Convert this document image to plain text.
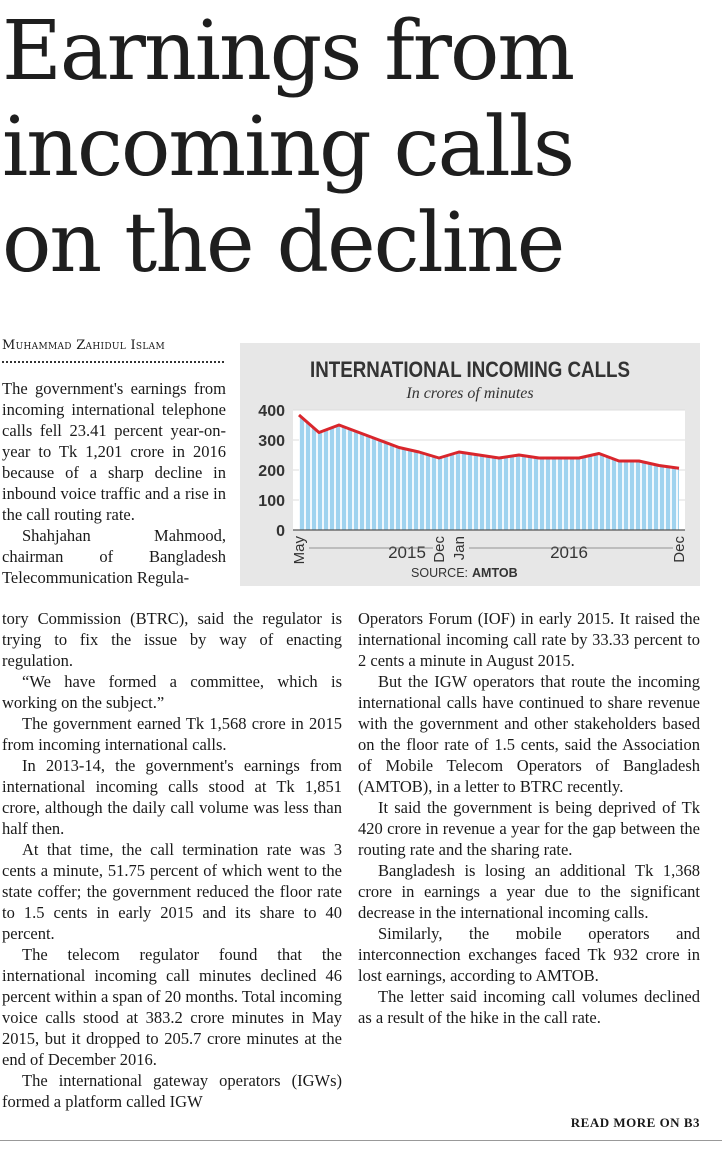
Earnings from
incoming calls
on the decline
Muhammad Zahidul Islam

The government's earnings from incoming international telephone calls fell 23.41 percent year-on-year to Tk 1,201 crore in 2016 because of a sharp decline in inbound voice traffic and a rise in the call routing rate.

Shahjahan Mahmood, chairman of Bangladesh Telecommunication Regula-

INTERNATIONAL INCOMING CALLS
In crores of minutes
0
100
200
300
400
May	Dec Jan	Dec
2015	2016
SOURCE: AMTOB

tory Commission (BTRC), said the regulator is trying to fix the issue by way of enacting regulation.

“We have formed a committee, which is working on the subject.”

The government earned Tk 1,568 crore in 2015 from incoming international calls.

In 2013-14, the government's earnings from international incoming calls stood at Tk 1,851 crore, although the daily call volume was less than half then.

At that time, the call termination rate was 3 cents a minute, 51.75 percent of which went to the state coffer; the government reduced the floor rate to 1.5 cents in early 2015 and its share to 40 percent.

The telecom regulator found that the international incoming call minutes declined 46 percent within a span of 20 months. Total incoming voice calls stood at 383.2 crore minutes in May 2015, but it dropped to 205.7 crore minutes at the end of December 2016.

The international gateway operators (IGWs) formed a platform called IGW

Operators Forum (IOF) in early 2015. It raised the international incoming call rate by 33.33 percent to 2 cents a minute in August 2015.

But the IGW operators that route the incoming international calls have continued to share revenue with the government and other stakeholders based on the floor rate of 1.5 cents, said the Association of Mobile Telecom Operators of Bangladesh (AMTOB), in a letter to BTRC recently.

It said the government is being deprived of Tk 420 crore in revenue a year for the gap between the routing rate and the sharing rate.

Bangladesh is losing an additional Tk 1,368 crore in earnings a year due to the significant decrease in the international incoming calls.

Similarly, the mobile operators and interconnection exchanges faced Tk 932 crore in lost earnings, according to AMTOB.

The letter said incoming call volumes declined as a result of the hike in the call rate.

READ MORE ON B3
